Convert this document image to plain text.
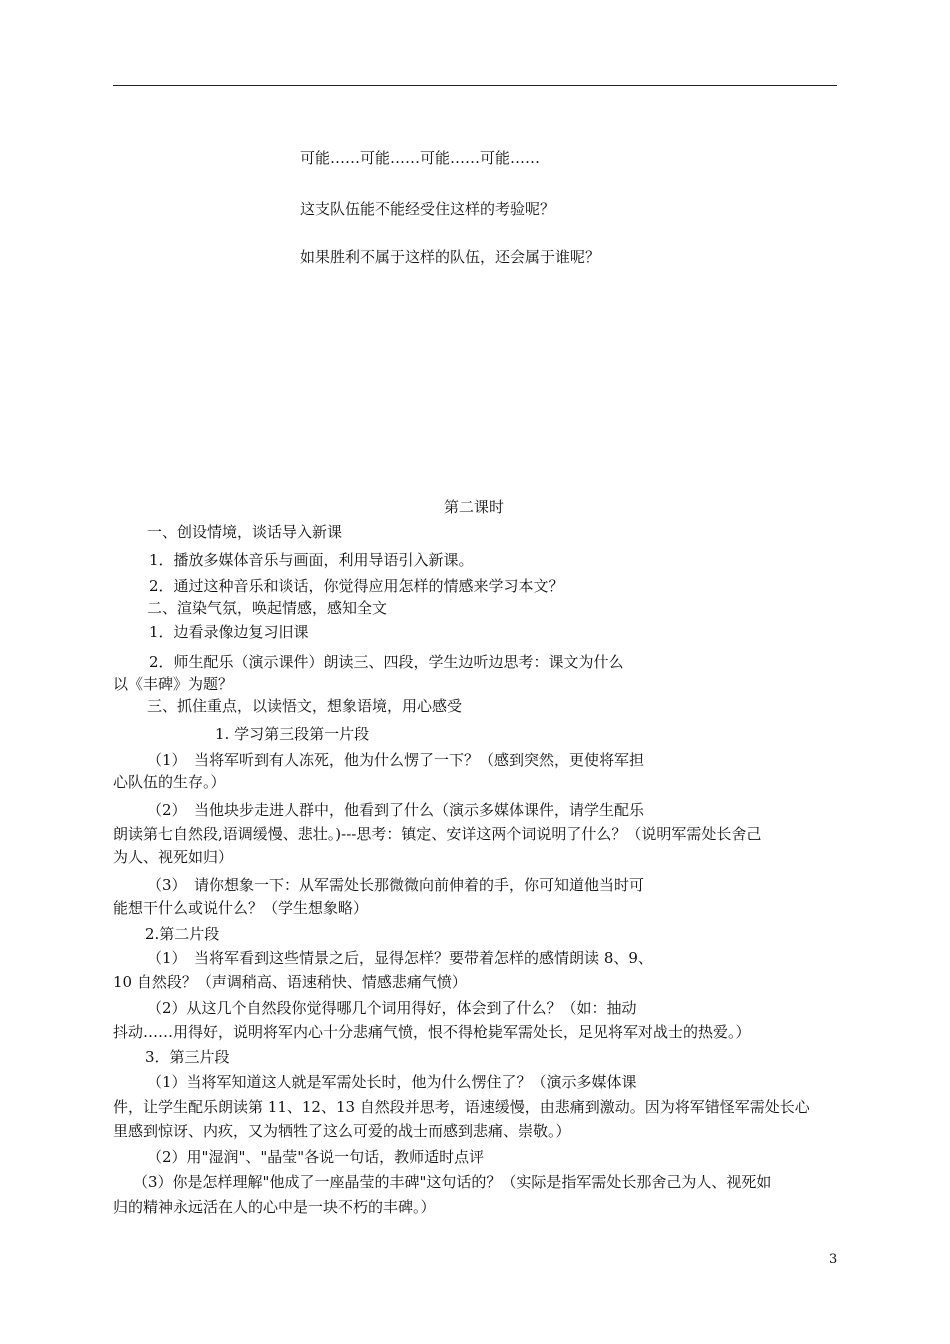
可能……可能……可能……可能……
这支队伍能不能经受住这样的考验呢？
如果胜利不属于这样的队伍，还会属于谁呢？
第二课时
一、创设情境，谈话导入新课
1．播放多媒体音乐与画面，利用导语引入新课。
2．通过这种音乐和谈话，你觉得应用怎样的情感来学习本文？
二、渲染气氛，唤起情感，感知全文
1．边看录像边复习旧课
2．师生配乐（演示课件）朗读三、四段，学生边听边思考：课文为什么
以《丰碑》为题？
三、抓住重点，以读悟文，想象语境，用心感受
1. 学习第三段第一片段
（1）　当将军听到有人冻死，他为什么愣了一下？（感到突然，更使将军担
心队伍的生存。）
（2）　当他块步走进人群中，他看到了什么（演示多媒体课件，请学生配乐
朗读第七自然段,语调缓慢、悲壮。)---思考：镇定、安详这两个词说明了什么？（说明军需处长舍己
为人、视死如归）
（3）　请你想象一下：从军需处长那微微向前伸着的手，你可知道他当时可
能想干什么或说什么？（学生想象略）
2.第二片段
（1）　当将军看到这些情景之后，显得怎样？要带着怎样的感情朗读 8、9、
10 自然段？（声调稍高、语速稍快、情感悲痛气愤）
（2）从这几个自然段你觉得哪几个词用得好，体会到了什么？（如：抽动
抖动……用得好，说明将军内心十分悲痛气愤，恨不得枪毙军需处长，足见将军对战士的热爱。）
3．第三片段
（1）当将军知道这人就是军需处长时，他为什么愣住了？（演示多媒体课
件，让学生配乐朗读第 11、12、13 自然段并思考，语速缓慢，由悲痛到激动。因为将军错怪军需处长心
里感到惊讶、内疚，又为牺牲了这么可爱的战士而感到悲痛、崇敬。）
（2）用"湿润"、"晶莹"各说一句话，教师适时点评
（3）你是怎样理解"他成了一座晶莹的丰碑"这句话的？（实际是指军需处长那舍己为人、视死如
归的精神永远活在人的心中是一块不朽的丰碑。）
3
